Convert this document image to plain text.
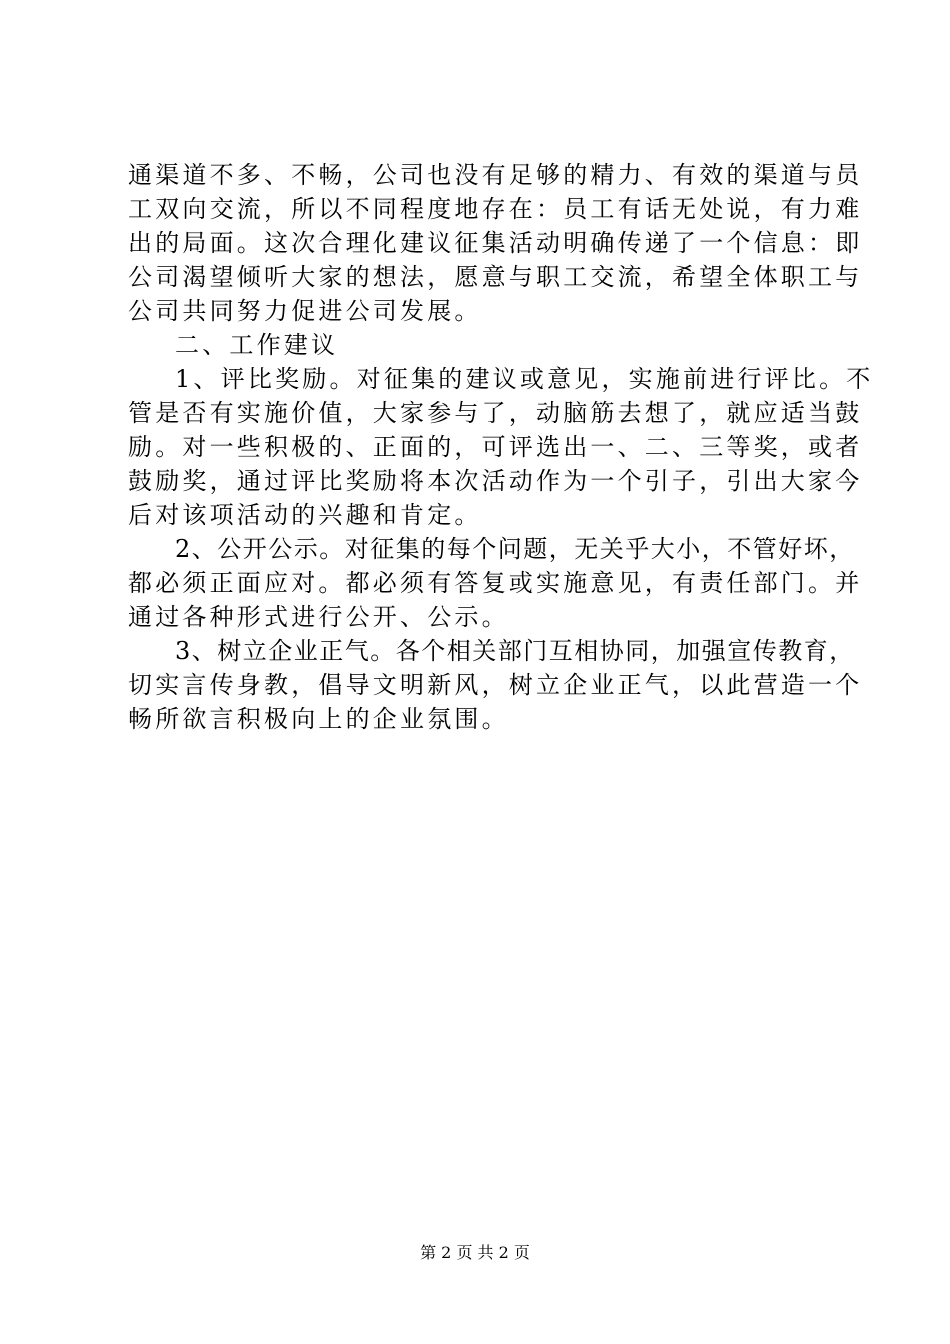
通渠道不多、不畅，公司也没有足够的精力、有效的渠道与员
工双向交流，所以不同程度地存在：员工有话无处说，有力难
出的局面。这次合理化建议征集活动明确传递了一个信息：即
公司渴望倾听大家的想法，愿意与职工交流，希望全体职工与
公司共同努力促进公司发展。
二、工作建议
1、评比奖励。对征集的建议或意见，实施前进行评比。不
管是否有实施价值，大家参与了，动脑筋去想了，就应适当鼓
励。对一些积极的、正面的，可评选出一、二、三等奖，或者
鼓励奖，通过评比奖励将本次活动作为一个引子，引出大家今
后对该项活动的兴趣和肯定。
2、公开公示。对征集的每个问题，无关乎大小，不管好坏，
都必须正面应对。都必须有答复或实施意见，有责任部门。并
通过各种形式进行公开、公示。
3、树立企业正气。各个相关部门互相协同，加强宣传教育，
切实言传身教，倡导文明新风，树立企业正气，以此营造一个
畅所欲言积极向上的企业氛围。
第 2 页 共 2 页
